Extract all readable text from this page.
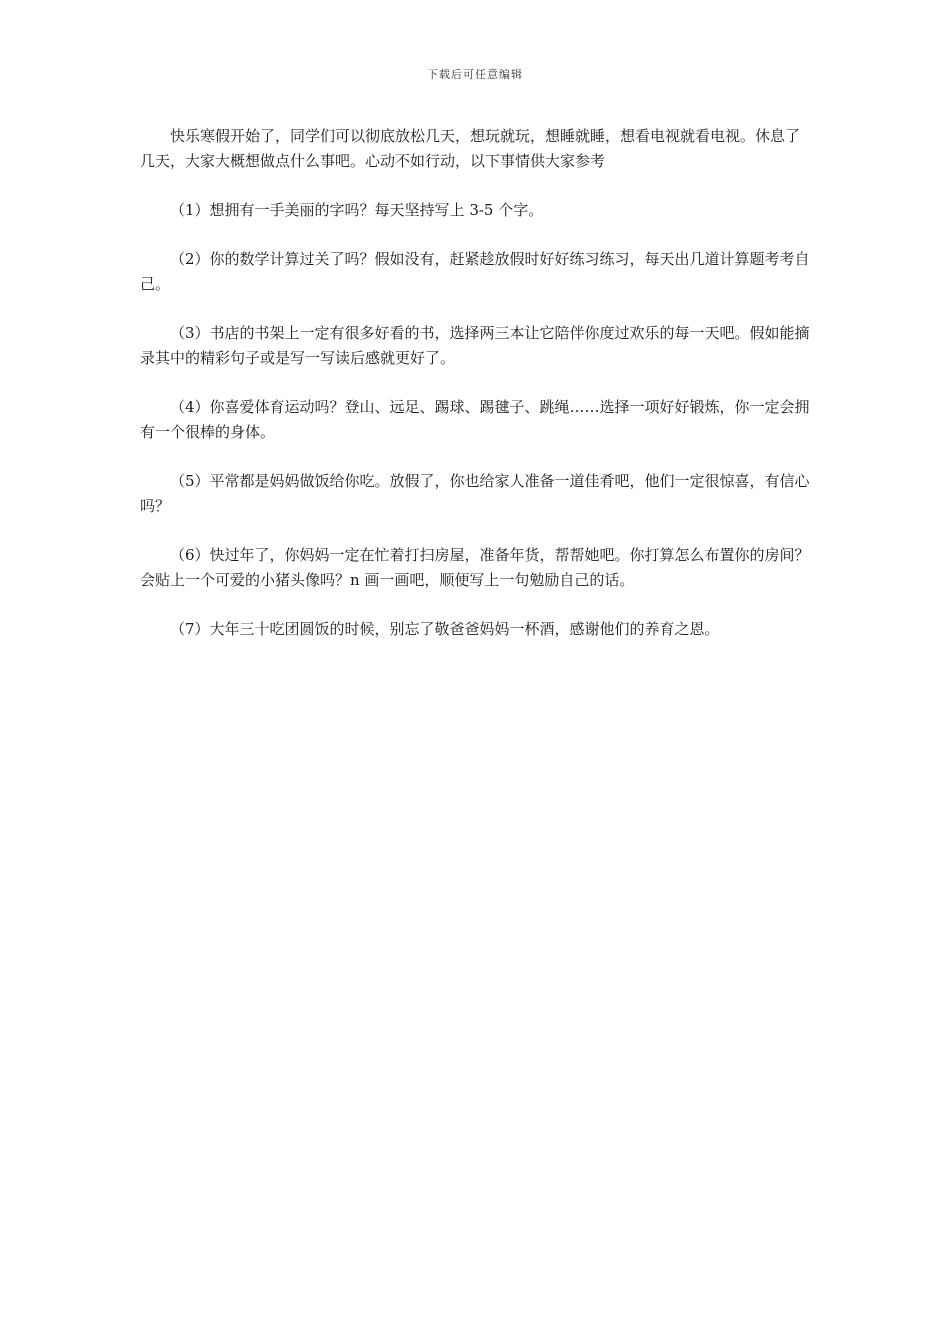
下载后可任意编辑

快乐寒假开始了，同学们可以彻底放松几天，想玩就玩，想睡就睡，想看电视就看电视。休息了几天，大家大概想做点什么事吧。心动不如行动，以下事情供大家参考

（1）想拥有一手美丽的字吗？每天坚持写上 3-5 个字。

（2）你的数学计算过关了吗？假如没有，赶紧趁放假时好好练习练习，每天出几道计算题考考自己。

（3）书店的书架上一定有很多好看的书，选择两三本让它陪伴你度过欢乐的每一天吧。假如能摘录其中的精彩句子或是写一写读后感就更好了。

（4）你喜爱体育运动吗？登山、远足、踢球、踢毽子、跳绳……选择一项好好锻炼，你一定会拥有一个很棒的身体。

（5）平常都是妈妈做饭给你吃。放假了，你也给家人准备一道佳肴吧，他们一定很惊喜，有信心吗？

（6）快过年了，你妈妈一定在忙着打扫房屋，准备年货，帮帮她吧。你打算怎么布置你的房间？会贴上一个可爱的小猪头像吗？n 画一画吧，顺便写上一句勉励自己的话。

（7）大年三十吃团圆饭的时候，别忘了敬爸爸妈妈一杯酒，感谢他们的养育之恩。
